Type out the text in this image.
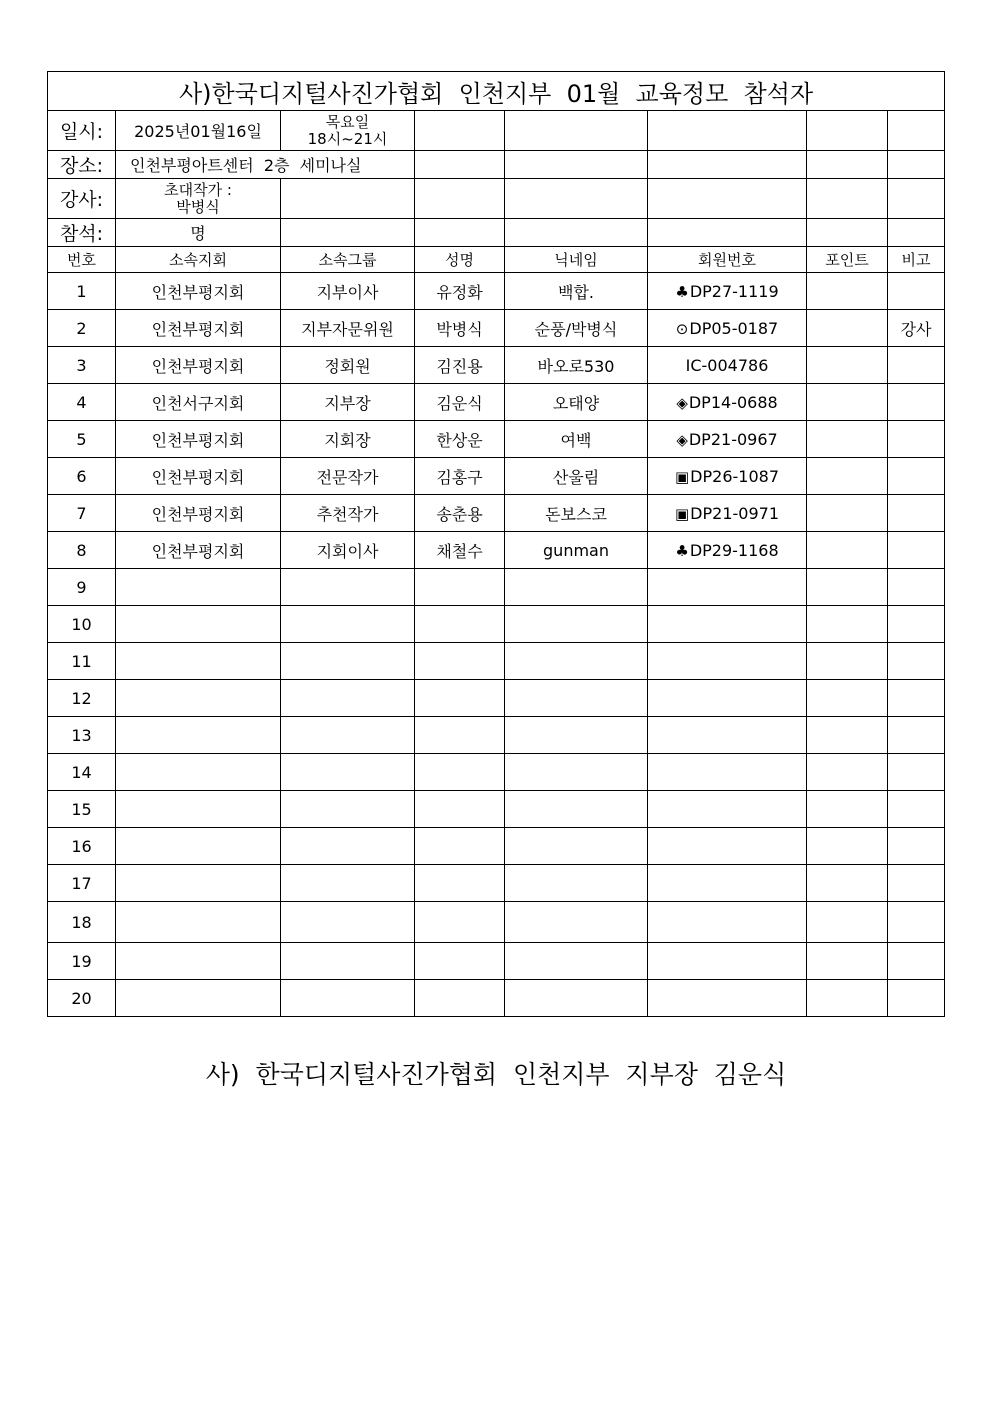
사)한국디지털사진가협회  인천지부  01월  교육정모  참석자							
일시:	2025년01월16일	목요일
18시~21시					

장소:	인천부평아트센터  2층  세미나실						
강사:	초대작가 :
박병식						

참석:	명						
번호	소속지회	소속그룹	성명	닉네임	회원번호	포인트	비고
1	인천부평지회	지부이사	유정화	백합.	♣DP27-1119		
2	인천부평지회	지부자문위원	박병식	순풍/박병식	⊙DP05-0187		강사
3	인천부평지회	정회원	김진용	바오로530	IC-004786		
4	인천서구지회	지부장	김운식	오태양	◈DP14-0688		
5	인천부평지회	지회장	한상운	여백	◈DP21-0967		
6	인천부평지회	전문작가	김홍구	산울림	▣DP26-1087		
7	인천부평지회	추천작가	송춘용	돈보스코	▣DP21-0971		
8	인천부평지회	지회이사	채철수	gunman	♣DP29-1168		
9							
10							
11							
12							
13							
14							
15							
16							
17							
18							
19							
20							
사)  한국디지털사진가협회  인천지부  지부장  김운식
